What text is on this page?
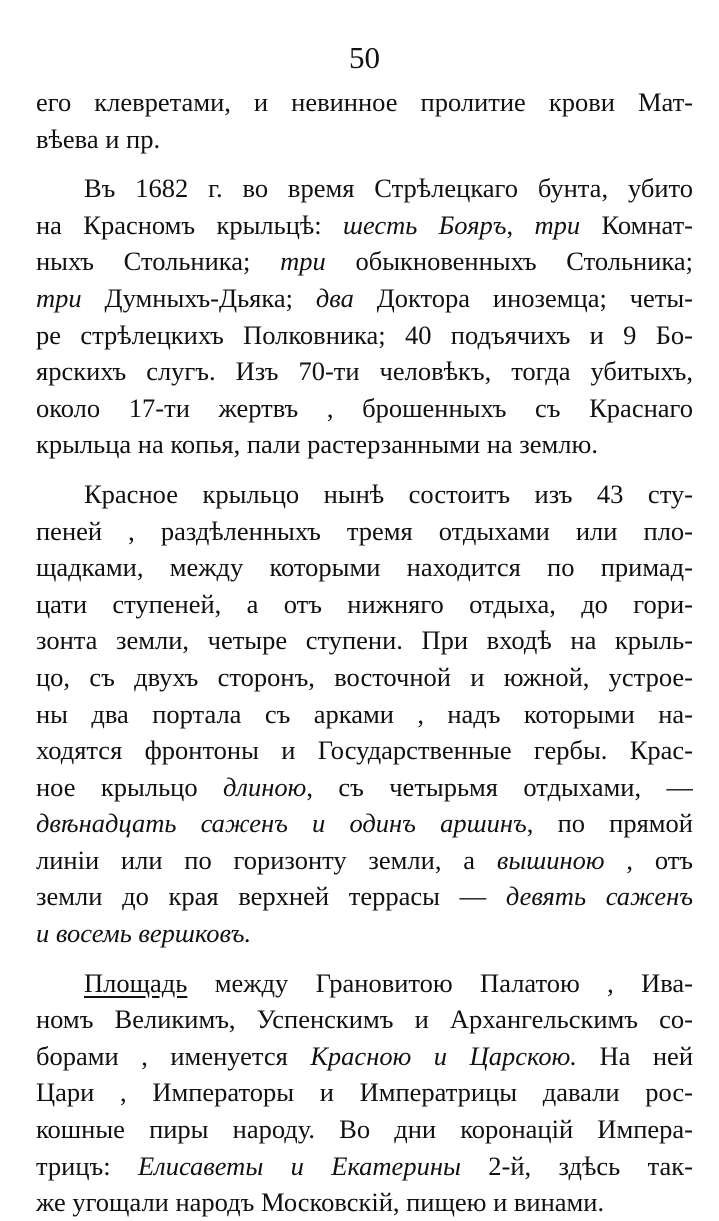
50
его клевретами, и невинное пролитие крови Мат-
вѣева и пр.
Въ 1682 г. во время Стрѣлецкаго бунта, убито
на Красномъ крыльцѣ: шесть Бояръ, три Комнат-
ныхъ Стольника; три обыкновенныхъ Стольника;
три Думныхъ-Дьяка; два Доктора иноземца; четы-
ре стрѣлецкихъ Полковника; 40 подъячихъ и 9 Бо-
ярскихъ слугъ. Изъ 70-ти человѣкъ, тогда убитыхъ,
около 17-ти жертвъ , брошенныхъ съ Краснаго
крыльца на копья, пали растерзанными на землю.
Красное крыльцо нынѣ состоитъ изъ 43 сту-
пеней , раздѣленныхъ тремя отдыхами или пло-
щадками, между которыми находится по примад-
цати ступеней, а отъ нижняго отдыха, до гори-
зонта земли, четыре ступени. При входѣ на крыль-
цо, съ двухъ сторонъ, восточной и южной, устрое-
ны два портала съ арками , надъ которыми на-
ходятся фронтоны и Государственные гербы. Крас-
ное крыльцо длиною, съ четырьмя отдыхами, —
двѣнадцать саженъ и одинъ аршинъ, по прямой
линіи или по горизонту земли, а вышиною , отъ
земли до края верхней террасы — девять саженъ
и восемь вершковъ.
Площадь между Грановитою Палатою , Ива-
номъ Великимъ, Успенскимъ и Архангельскимъ со-
борами , именуется Красною и Царскою. На ней
Цари , Императоры и Императрицы давали рос-
кошные пиры народу. Во дни коронацій Импера-
трицъ: Елисаветы и Екатерины 2-й, здѣсь так-
же угощали народъ Московскій, пищею и винами.
